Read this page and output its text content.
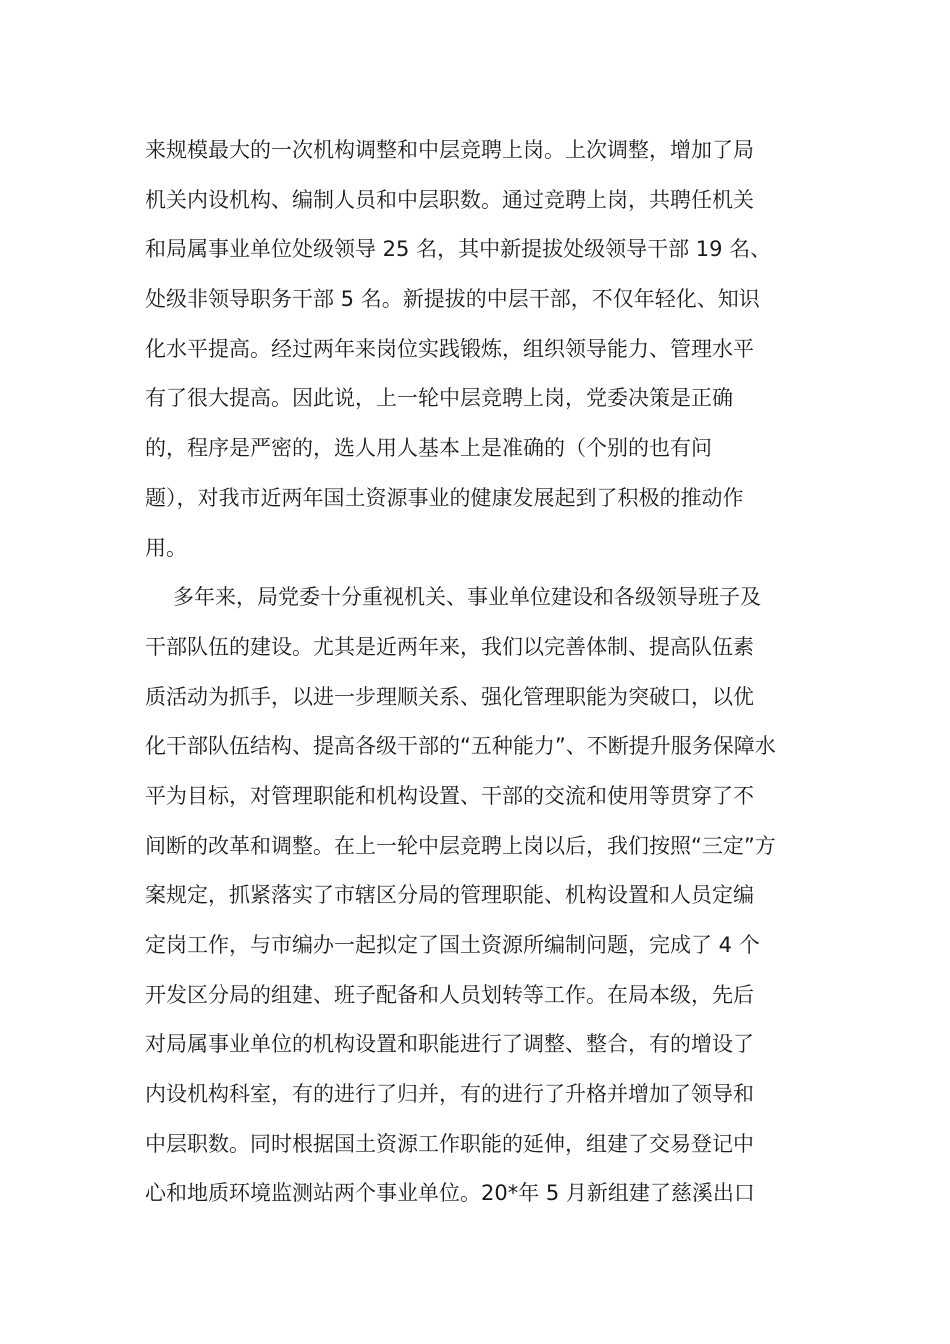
来规模最大的一次机构调整和中层竞聘上岗。上次调整，增加了局
机关内设机构、编制人员和中层职数。通过竞聘上岗，共聘任机关
和局属事业单位处级领导 25 名，其中新提拔处级领导干部 19 名、
处级非领导职务干部 5 名。新提拔的中层干部，不仅年轻化、知识
化水平提高。经过两年来岗位实践锻炼，组织领导能力、管理水平
有了很大提高。因此说，上一轮中层竞聘上岗，党委决策是正确
的，程序是严密的，选人用人基本上是准确的（个别的也有问
题），对我市近两年国土资源事业的健康发展起到了积极的推动作
用。
多年来，局党委十分重视机关、事业单位建设和各级领导班子及
干部队伍的建设。尤其是近两年来，我们以完善体制、提高队伍素
质活动为抓手，以进一步理顺关系、强化管理职能为突破口，以优
化干部队伍结构、提高各级干部的“五种能力”、不断提升服务保障水
平为目标，对管理职能和机构设置、干部的交流和使用等贯穿了不
间断的改革和调整。在上一轮中层竞聘上岗以后，我们按照“三定”方
案规定，抓紧落实了市辖区分局的管理职能、机构设置和人员定编
定岗工作，与市编办一起拟定了国土资源所编制问题，完成了 4 个
开发区分局的组建、班子配备和人员划转等工作。在局本级，先后
对局属事业单位的机构设置和职能进行了调整、整合，有的增设了
内设机构科室，有的进行了归并，有的进行了升格并增加了领导和
中层职数。同时根据国土资源工作职能的延伸，组建了交易登记中
心和地质环境监测站两个事业单位。20*年 5 月新组建了慈溪出口
